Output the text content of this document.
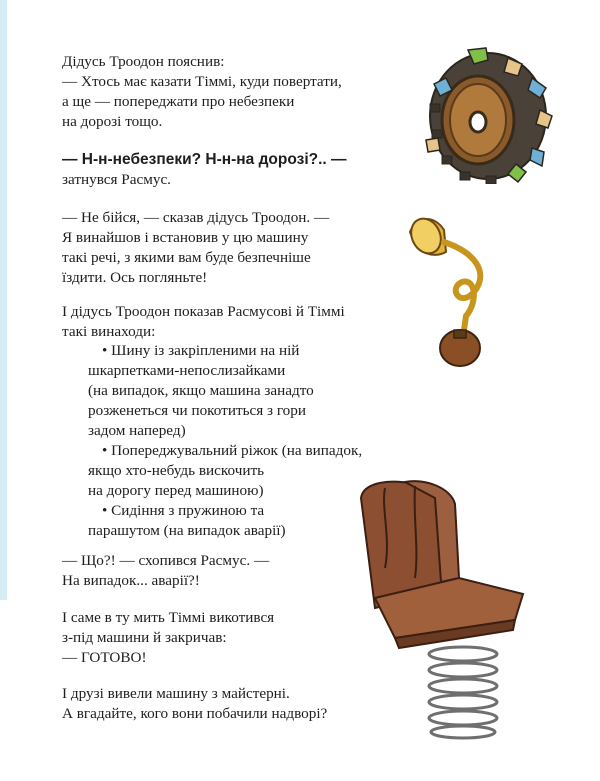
Дідусь Троодон пояснив:
— Хтось має казати Тіммі, куди повертати,
а ще — попереджати про небезпеки
на дорозі тощо.
— Н-н-небезпеки? Н-н-на дорозі?.. —
затнувся Расмус.
— Не бійся, — сказав дідусь Троодон. —
Я винайшов і встановив у цю машину
такі речі, з якими вам буде безпечніше
їздити. Ось погляньте!
І дідусь Троодон показав Расмусові й Тіммі
такі винаходи:
• Шину із закріпленими на ній
шкарпетками-непослизайками
(на випадок, якщо машина занадто
розженеться чи покотиться з гори
задом наперед)
• Попереджувальний ріжок (на випадок,
якщо хто-небудь вискочить
на дорогу перед машиною)
• Сидіння з пружиною та
парашутом (на випадок аварії)
— Що?! — схопився Расмус. —
На випадок... аварії?!
І саме в ту мить Тіммі викотився
з-під машини й закричав:
— ГОТОВО!
І друзі вивели машину з майстерні.
А вгадайте, кого вони побачили надворі?
